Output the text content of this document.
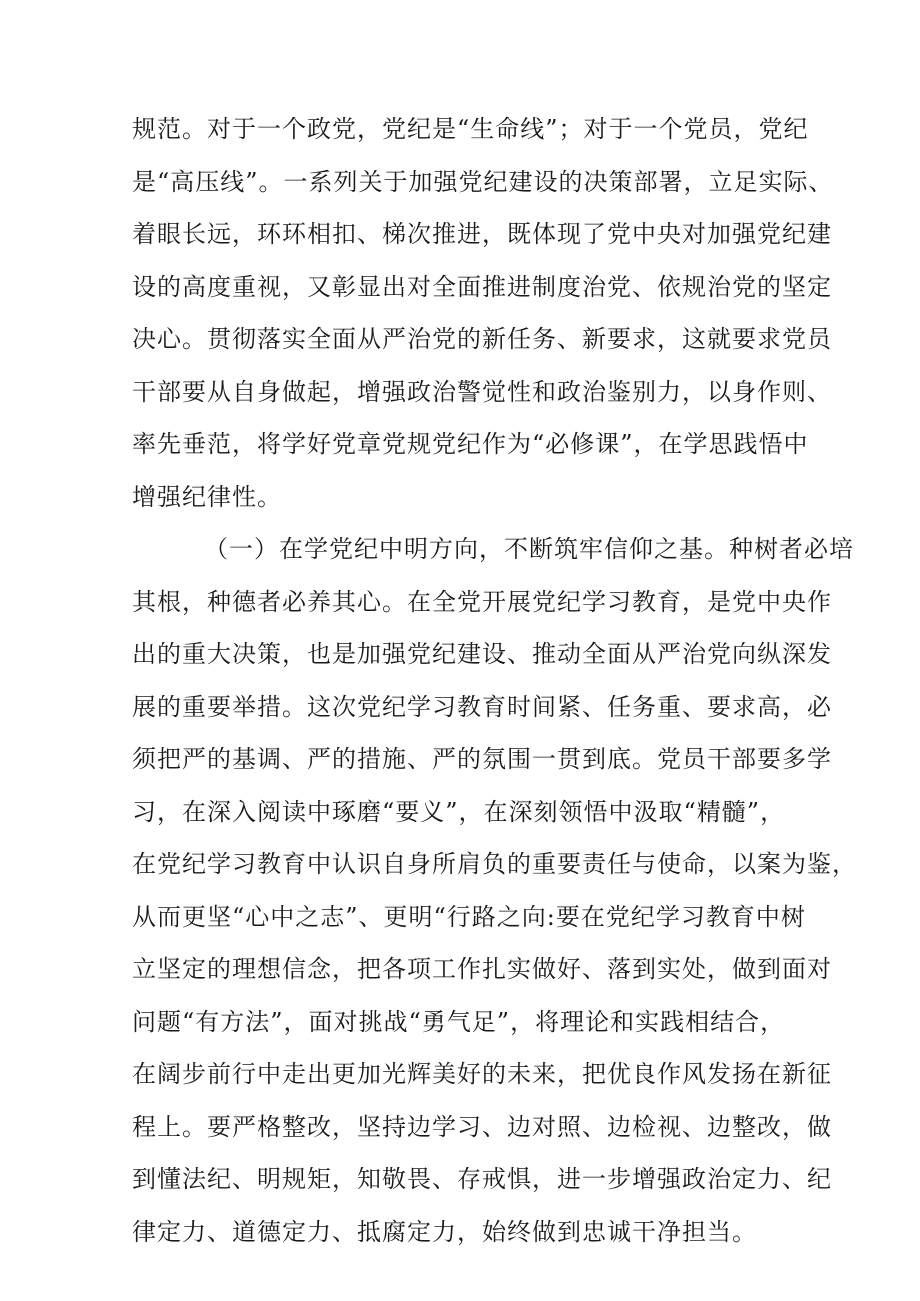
规范。对于一个政党，党纪是“生命线”；对于一个党员，党纪
是“高压线”。一系列关于加强党纪建设的决策部署，立足实际、
着眼长远，环环相扣、梯次推进，既体现了党中央对加强党纪建
设的高度重视，又彰显出对全面推进制度治党、依规治党的坚定
决心。贯彻落实全面从严治党的新任务、新要求，这就要求党员
干部要从自身做起，增强政治警觉性和政治鉴别力，以身作则、
率先垂范，将学好党章党规党纪作为“必修课”，在学思践悟中
增强纪律性。
（一）在学党纪中明方向，不断筑牢信仰之基。种树者必培
其根，种德者必养其心。在全党开展党纪学习教育，是党中央作
出的重大决策，也是加强党纪建设、推动全面从严治党向纵深发
展的重要举措。这次党纪学习教育时间紧、任务重、要求高，必
须把严的基调、严的措施、严的氛围一贯到底。党员干部要多学
习，在深入阅读中琢磨“要义”，在深刻领悟中汲取“精髓”，
在党纪学习教育中认识自身所肩负的重要责任与使命，以案为鉴，
从而更坚“心中之志”、更明“行路之向:要在党纪学习教育中树
立坚定的理想信念，把各项工作扎实做好、落到实处，做到面对
问题“有方法”，面对挑战“勇气足”，将理论和实践相结合，
在阔步前行中走出更加光辉美好的未来，把优良作风发扬在新征
程上。要严格整改，坚持边学习、边对照、边检视、边整改，做
到懂法纪、明规矩，知敬畏、存戒惧，进一步增强政治定力、纪
律定力、道德定力、抵腐定力，始终做到忠诚干净担当。
